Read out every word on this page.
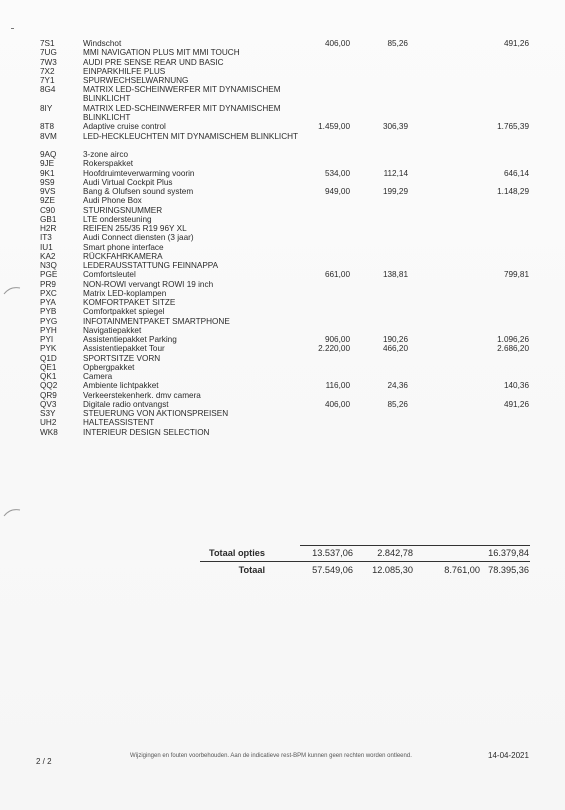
7S1	Windschot	406,00	85,26	491,26
7UG	MMI NAVIGATION PLUS MIT MMI TOUCH
7W3	AUDI PRE SENSE REAR UND BASIC
7X2	EINPARKHILFE PLUS
7Y1	SPURWECHSELWARNUNG
8G4	MATRIX LED-SCHEINWERFER MIT DYNAMISCHEM BLINKLICHT
8IY	MATRIX LED-SCHEINWERFER MIT DYNAMISCHEM BLINKLICHT
8T8	Adaptive cruise control	1.459,00	306,39	1.765,39
8VM	LED-HECKLEUCHTEN MIT DYNAMISCHEM BLINKLICHT
9AQ	3-zone airco
9JE	Rokerspakket
9K1	Hoofdruimteverwarming voorin	534,00	112,14	646,14
9S9	Audi Virtual Cockpit Plus
9VS	Bang & Olufsen sound system	949,00	199,29	1.148,29
9ZE	Audi Phone Box
C90	STURINGSNUMMER
GB1	LTE ondersteuning
H2R	REIFEN 255/35 R19 96Y XL
IT3	Audi Connect diensten (3 jaar)
IU1	Smart phone interface
KA2	RÜCKFAHRKAMERA
N3Q	LEDERAUSSTATTUNG FEINNAPPA
PGE	Comfortsleutel	661,00	138,81	799,81
PR9	NON-ROWI vervangt ROWI 19 inch
PXC	Matrix LED-koplampen
PYA	KOMFORTPAKET SITZE
PYB	Comfortpakket spiegel
PYG	INFOTAINMENTPAKET SMARTPHONE
PYH	Navigatiepakket
PYI	Assistentiepakket Parking	906,00	190,26	1.096,26
PYK	Assistentiepakket Tour	2.220,00	466,20	2.686,20
Q1D	SPORTSITZE VORN
QE1	Opbergpakket
QK1	Camera
QQ2	Ambiente lichtpakket	116,00	24,36	140,36
QR9	Verkeerstekenherk. dmv camera
QV3	Digitale radio ontvangst	406,00	85,26	491,26
S3Y	STEUERUNG VON AKTIONSPREISEN
UH2	HALTEASSISTENT
WK8	INTERIEUR DESIGN SELECTION
Totaal opties	13.537,06	2.842,78	16.379,84
Totaal	57.549,06 12.085,30	8.761,00 78.395,36
2 / 2
Wijzigingen en fouten voorbehouden. Aan de indicatieve rest-BPM kunnen geen rechten worden ontleend.	14-04-2021
